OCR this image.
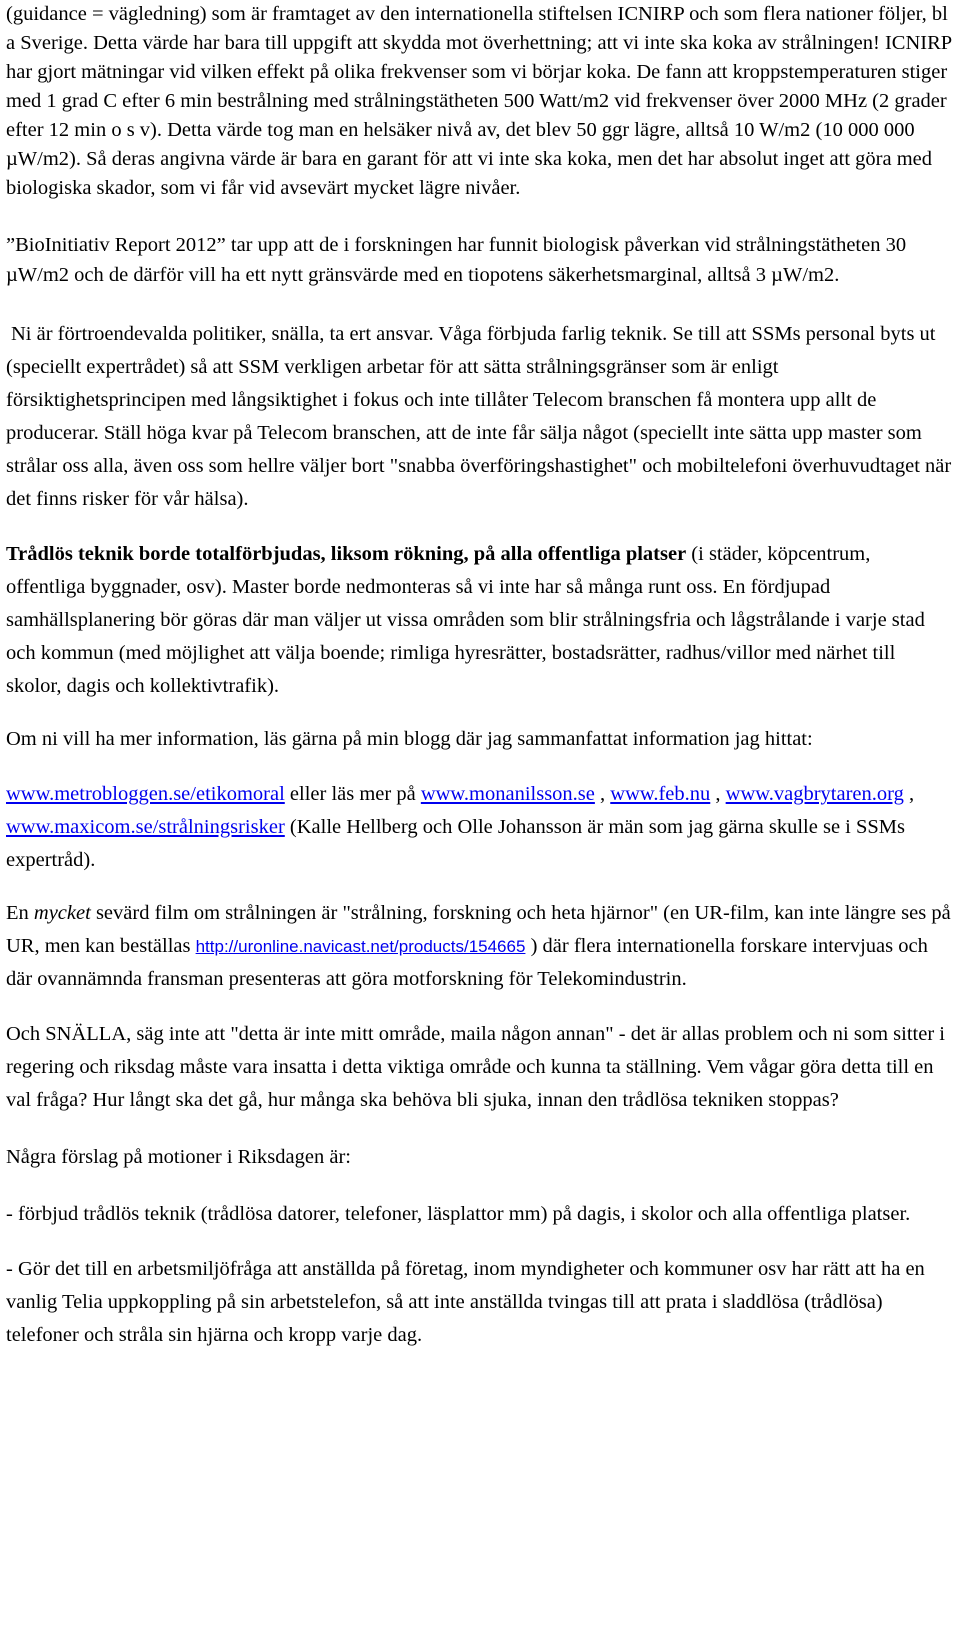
(guidance = vägledning) som är framtaget av den internationella stiftelsen ICNIRP och som flera nationer följer, bl a Sverige. Detta värde har bara till uppgift att skydda mot överhettning; att vi inte ska koka av strålningen! ICNIRP har gjort mätningar vid vilken effekt på olika frekvenser som vi börjar koka. De fann att kroppstemperaturen stiger med 1 grad C efter 6 min bestrålning med strålningstätheten 500 Watt/m2 vid frekvenser över 2000 MHz (2 grader efter 12 min o s v). Detta värde tog man en helsäker nivå av, det blev 50 ggr lägre, alltså 10 W/m2 (10 000 000 µW/m2). Så deras angivna värde är bara en garant för att vi inte ska koka, men det har absolut inget att göra med biologiska skador, som vi får vid avsevärt mycket lägre nivåer.

”BioInitiativ Report 2012” tar upp att de i forskningen har funnit biologisk påverkan vid strålningstätheten 30 µW/m2 och de därför vill ha ett nytt gränsvärde med en tiopotens säkerhetsmarginal, alltså 3 µW/m2.

Ni är förtroendevalda politiker, snälla, ta ert ansvar. Våga förbjuda farlig teknik. Se till att SSMs personal byts ut (speciellt expertrådet) så att SSM verkligen arbetar för att sätta strålningsgränser som är enligt försiktighetsprincipen med långsiktighet i fokus och inte tillåter Telecom branschen få montera upp allt de producerar. Ställ höga kvar på Telecom branschen, att de inte får sälja något (speciellt inte sätta upp master som strålar oss alla, även oss som hellre väljer bort "snabba överföringshastighet" och mobiltelefoni överhuvudtaget när det finns risker för vår hälsa).

Trådlös teknik borde totalförbjudas, liksom rökning, på alla offentliga platser (i städer, köpcentrum, offentliga byggnader, osv). Master borde nedmonteras så vi inte har så många runt oss. En fördjupad samhällsplanering bör göras där man väljer ut vissa områden som blir strålningsfria och lågstrålande i varje stad och kommun (med möjlighet att välja boende; rimliga hyresrätter, bostadsrätter, radhus/villor med närhet till skolor, dagis och kollektivtrafik).

Om ni vill ha mer information, läs gärna på min blogg där jag sammanfattat information jag hittat:

www.metrobloggen.se/etikomoral eller läs mer på www.monanilsson.se , www.feb.nu , www.vagbrytaren.org , www.maxicom.se/strålningsrisker (Kalle Hellberg och Olle Johansson är män som jag gärna skulle se i SSMs expertråd).

En mycket sevärd film om strålningen är "strålning, forskning och heta hjärnor" (en UR-film, kan inte längre ses på UR, men kan beställas http://uronline.navicast.net/products/154665 ) där flera internationella forskare intervjuas och där ovannämnda fransman presenteras att göra motforskning för Telekomindustrin.

Och SNÄLLA, säg inte att "detta är inte mitt område, maila någon annan" - det är allas problem och ni som sitter i regering och riksdag måste vara insatta i detta viktiga område och kunna ta ställning. Vem vågar göra detta till en val fråga? Hur långt ska det gå, hur många ska behöva bli sjuka, innan den trådlösa tekniken stoppas?

Några förslag på motioner i Riksdagen är:

- förbjud trådlös teknik (trådlösa datorer, telefoner, läsplattor mm) på dagis, i skolor och alla offentliga platser.

- Gör det till en arbetsmiljöfråga att anställda på företag, inom myndigheter och kommuner osv har rätt att ha en vanlig Telia uppkoppling på sin arbetstelefon, så att inte anställda tvingas till att prata i sladdlösa (trådlösa) telefoner och stråla sin hjärna och kropp varje dag.
